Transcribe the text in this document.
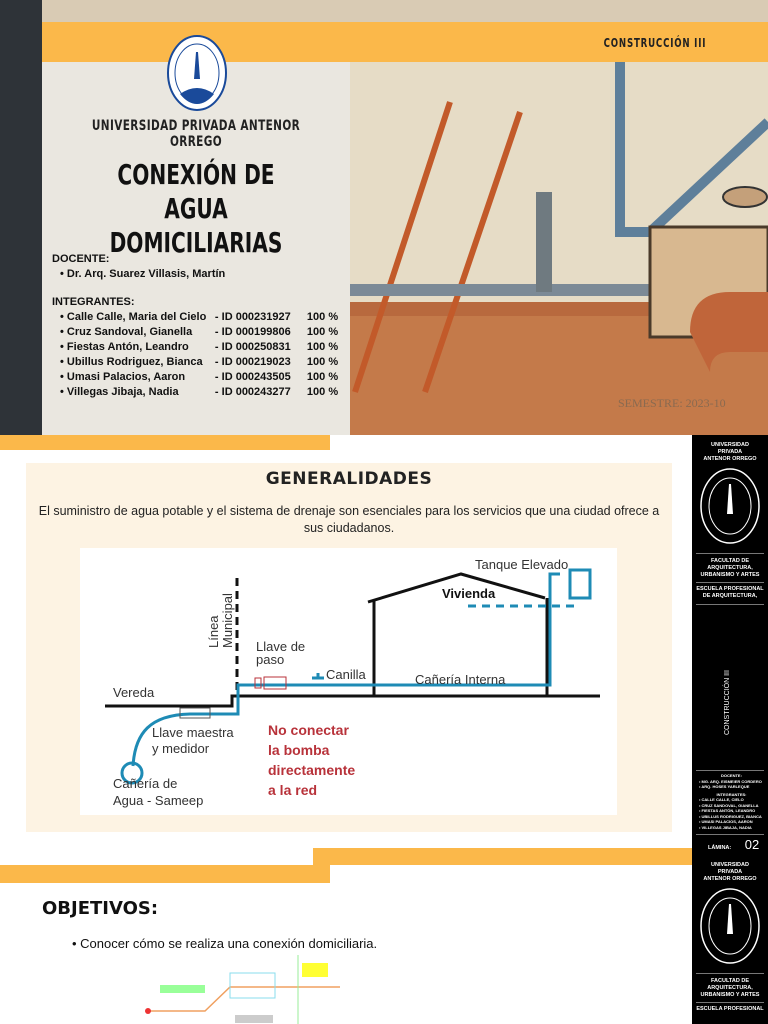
CONSTRUCCIÓN III
UNIVERSIDAD PRIVADA ANTENOR ORREGO
CONEXIÓN DE AGUA
DOMICILIARIAS
DOCENTE:
• Dr. Arq. Suarez Villasis, Martín
INTEGRANTES:
• Calle Calle, Maria del Cielo - ID 000231927 100 %
• Cruz Sandoval, Gianella - ID 000199806 100 %
• Fiestas Antón, Leandro - ID 000250831 100 %
• Ubillus Rodriguez, Bianca - ID 000219023 100 %
• Umasi Palacios, Aaron	- ID 000243505 100 %
• Villegas Jibaja, Nadia	- ID 000243277 100 %
SEMESTRE: 2023-10
GENERALIDADES

El suministro de agua potable y el sistema de drenaje son esenciales para los servicios que una ciudad ofrece a sus ciudadanos.

Tanque Elevado
Vivienda
Llave de
paso
Canilla	Cañería Interna
Vereda
Llave maestra
y medidor
Cañería de
Agua - Sameep
Línea Municipal
No conectar
la bomba
directamente
a la red
UNIVERSIDAD
PRIVADA
ANTENOR ORREGO
FACULTAD DE
ARQUITECTURA,
URBANISMO Y ARTES
ESCUELA PROFESIONAL
DE ARQUITECTURA,
CONSTRUCCIÓN III
DOCENTE:
• MG. ARQ. EISMEIER CORDERO
• ARQ. HOSES YARLEQUE
INTEGRANTES:
• CALLE CALLE, CIELO
• CRUZ SANDOVAL, GIANELLA
• FIESTAS ANTÓN, LEANDRO
• UBILLUS RODRIGUEZ, BIANCA
• UMASI PALACIOS, AARON
• VILLEGAS JIBAJA, NADIA
LÁMINA: 02
UNIVERSIDAD
PRIVADA
ANTENOR ORREGO
FACULTAD DE
ARQUITECTURA,
URBANISMO Y ARTES
ESCUELA PROFESIONAL
OBJETIVOS:
• Conocer cómo se realiza una conexión domiciliaria.
